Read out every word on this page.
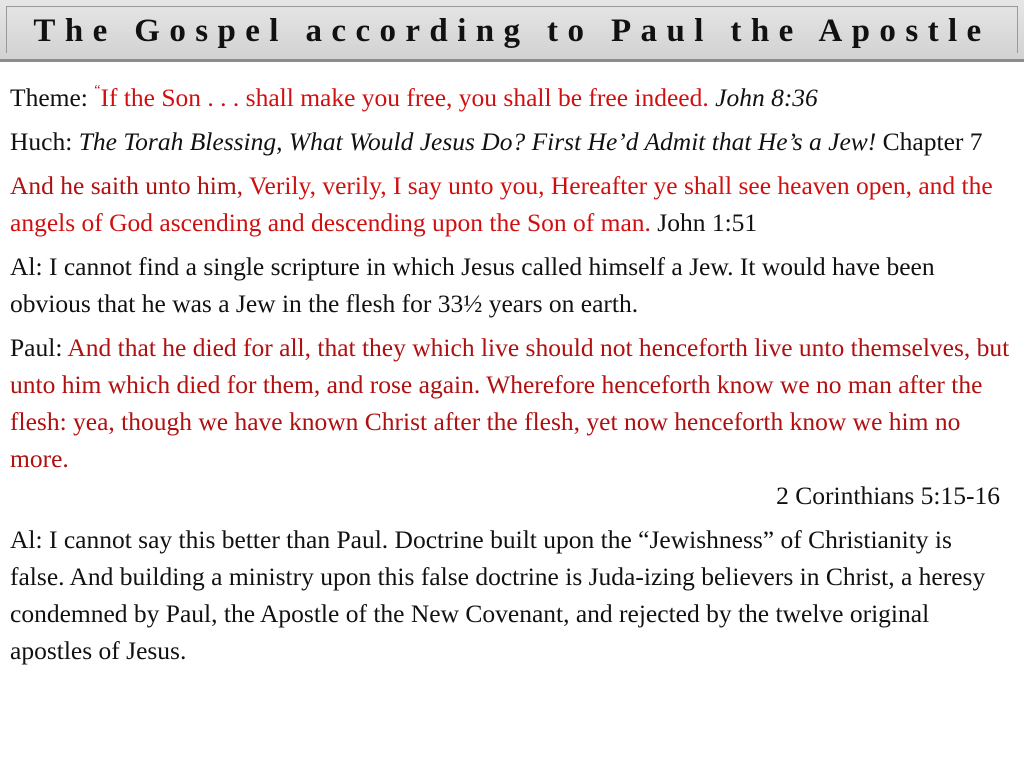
The Gospel according to Paul the Apostle

Theme: “If the Son . . . shall make you free, you shall be free indeed. John 8:36

Huch: The Torah Blessing, What Would Jesus Do? First He’d Admit that He’s a Jew! Chapter 7

And he saith unto him, Verily, verily, I say unto you, Hereafter ye shall see heaven open, and the angels of God ascending and descending upon the Son of man. John 1:51

Al: I cannot find a single scripture in which Jesus called himself a Jew. It would have been obvious that he was a Jew in the flesh for 33½ years on earth.

Paul: And that he died for all, that they which live should not henceforth live unto themselves, but unto him which died for them, and rose again. Wherefore henceforth know we no man after the flesh: yea, though we have known Christ after the flesh, yet now henceforth know we him no more.

2 Corinthians 5:15-16

Al: I cannot say this better than Paul. Doctrine built upon the “Jewishness” of Christianity is false. And building a ministry upon this false doctrine is Juda-izing believers in Christ, a heresy condemned by Paul, the Apostle of the New Covenant, and rejected by the twelve original apostles of Jesus.
